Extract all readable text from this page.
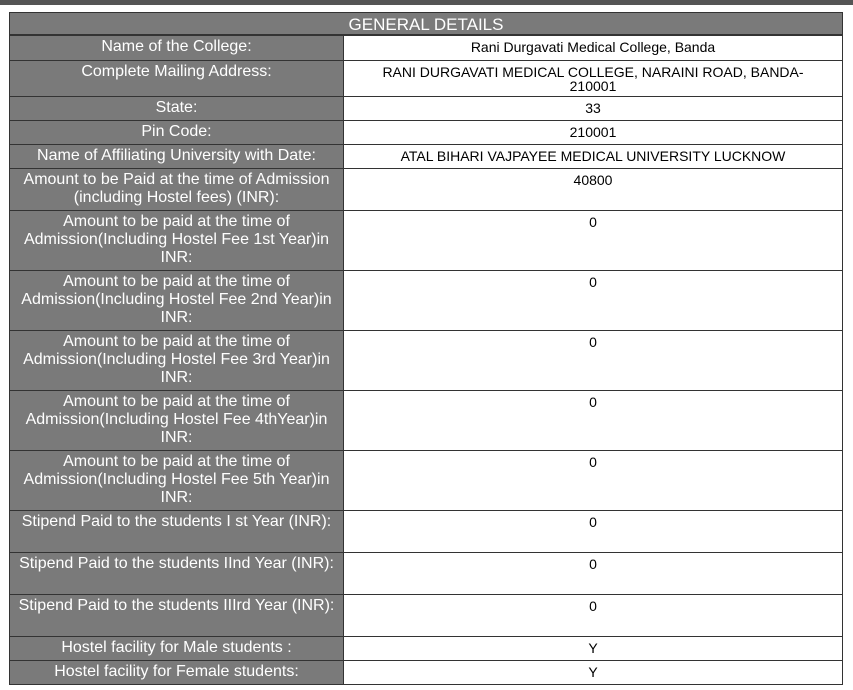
GENERAL DETAILS
Name of the College:	Rani Durgavati Medical College, Banda
Complete Mailing Address:	RANI DURGAVATI MEDICAL COLLEGE, NARAINI ROAD, BANDA-210001
State:	33
Pin Code:	210001
Name of Affiliating University with Date:	ATAL BIHARI VAJPAYEE MEDICAL UNIVERSITY LUCKNOW
Amount to be Paid at the time of Admission (including Hostel fees) (INR):	40800
Amount to be paid at the time of Admission(Including Hostel Fee 1st Year)in INR:	0
Amount to be paid at the time of Admission(Including Hostel Fee 2nd Year)in INR:	0
Amount to be paid at the time of Admission(Including Hostel Fee 3rd Year)in INR:	0
Amount to be paid at the time of Admission(Including Hostel Fee 4thYear)in INR:	0
Amount to be paid at the time of Admission(Including Hostel Fee 5th Year)in INR:	0
Stipend Paid to the students I st Year (INR):	0
Stipend Paid to the students IInd Year (INR):	0
Stipend Paid to the students IIIrd Year (INR):	0
Hostel facility for Male students :	Y
Hostel facility for Female students:	Y
